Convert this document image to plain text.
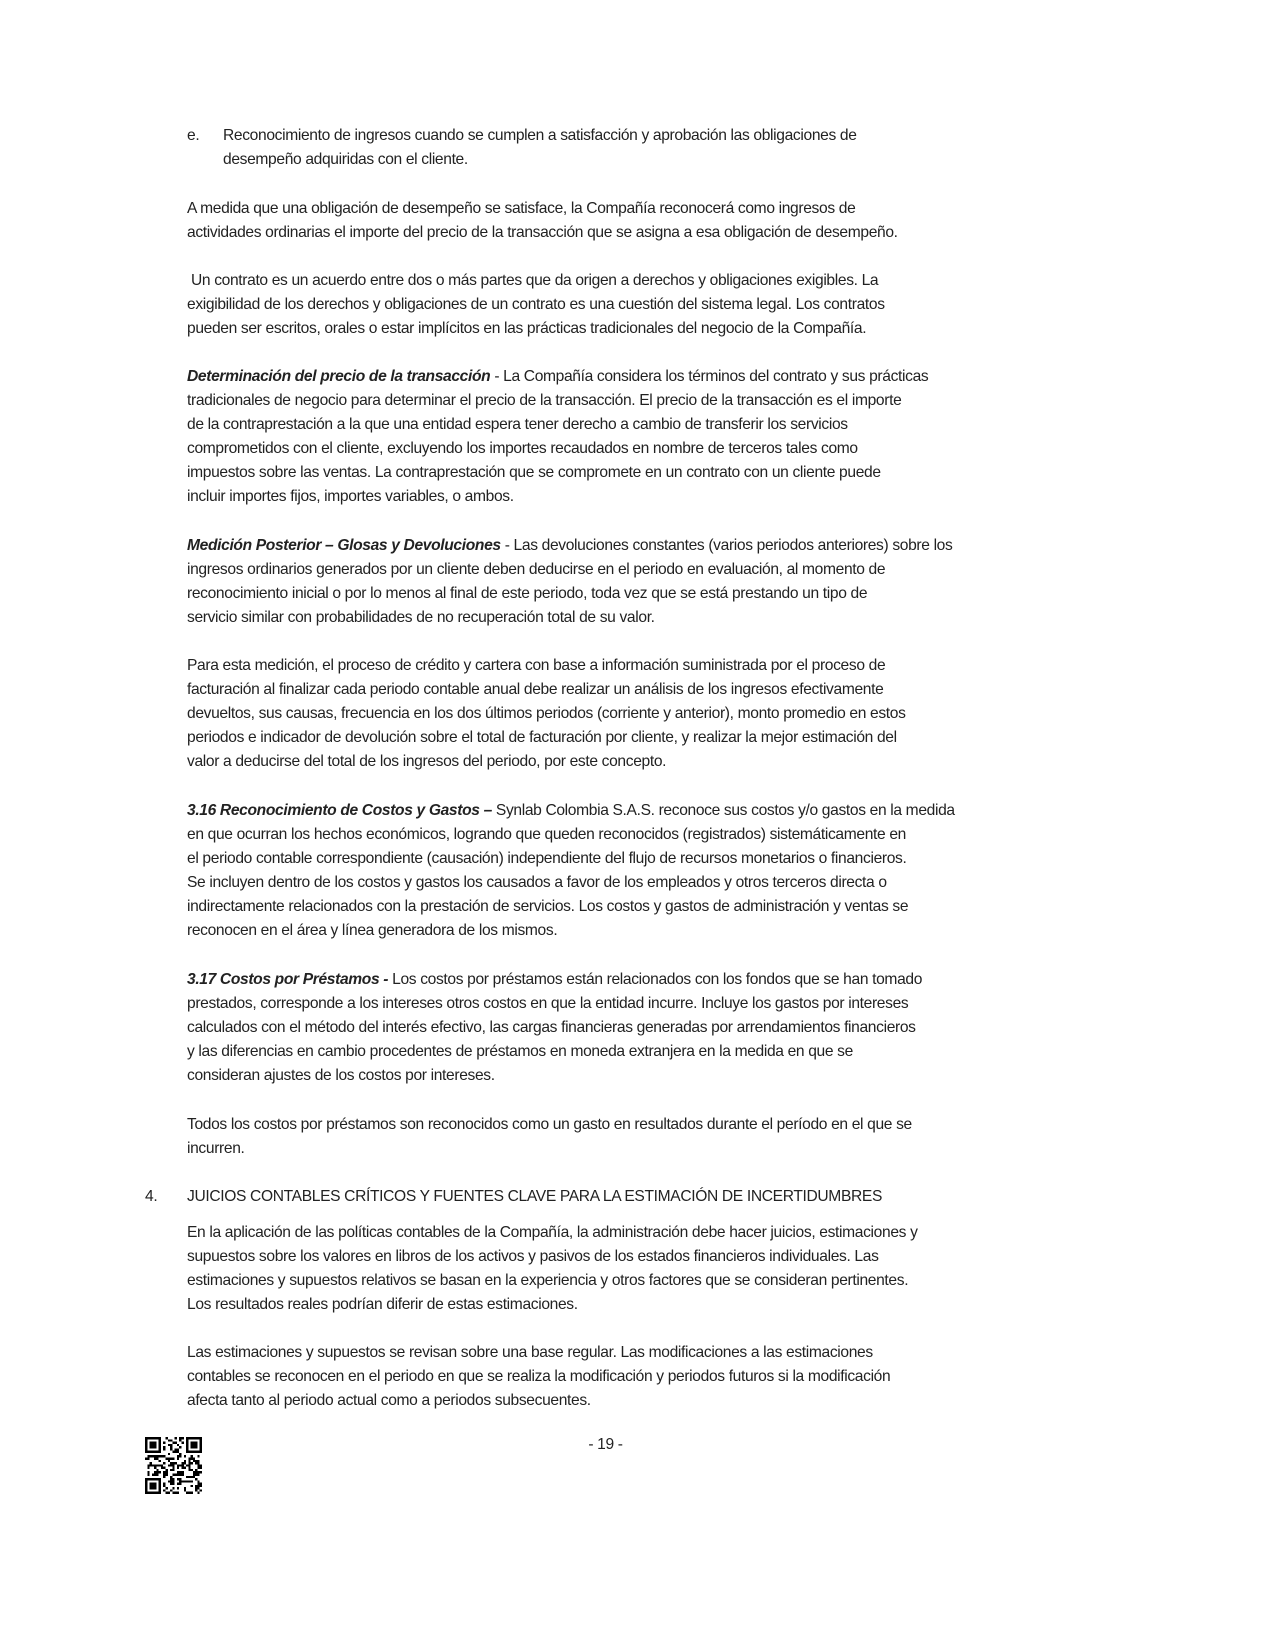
e. Reconocimiento de ingresos cuando se cumplen a satisfacción y aprobación las obligaciones de
desempeño adquiridas con el cliente.
A medida que una obligación de desempeño se satisface, la Compañía reconocerá como ingresos de
actividades ordinarias el importe del precio de la transacción que se asigna a esa obligación de desempeño.
Un contrato es un acuerdo entre dos o más partes que da origen a derechos y obligaciones exigibles. La
exigibilidad de los derechos y obligaciones de un contrato es una cuestión del sistema legal. Los contratos
pueden ser escritos, orales o estar implícitos en las prácticas tradicionales del negocio de la Compañía.
Determinación del precio de la transacción - La Compañía considera los términos del contrato y sus prácticas
tradicionales de negocio para determinar el precio de la transacción. El precio de la transacción es el importe
de la contraprestación a la que una entidad espera tener derecho a cambio de transferir los servicios
comprometidos con el cliente, excluyendo los importes recaudados en nombre de terceros tales como
impuestos sobre las ventas. La contraprestación que se compromete en un contrato con un cliente puede
incluir importes fijos, importes variables, o ambos.
Medición Posterior – Glosas y Devoluciones - Las devoluciones constantes (varios periodos anteriores) sobre los
ingresos ordinarios generados por un cliente deben deducirse en el periodo en evaluación, al momento de
reconocimiento inicial o por lo menos al final de este periodo, toda vez que se está prestando un tipo de
servicio similar con probabilidades de no recuperación total de su valor.
Para esta medición, el proceso de crédito y cartera con base a información suministrada por el proceso de
facturación al finalizar cada periodo contable anual debe realizar un análisis de los ingresos efectivamente
devueltos, sus causas, frecuencia en los dos últimos periodos (corriente y anterior), monto promedio en estos
periodos e indicador de devolución sobre el total de facturación por cliente, y realizar la mejor estimación del
valor a deducirse del total de los ingresos del periodo, por este concepto.
3.16 Reconocimiento de Costos y Gastos – Synlab Colombia S.A.S. reconoce sus costos y/o gastos en la medida
en que ocurran los hechos económicos, logrando que queden reconocidos (registrados) sistemáticamente en
el periodo contable correspondiente (causación) independiente del flujo de recursos monetarios o financieros.
Se incluyen dentro de los costos y gastos los causados a favor de los empleados y otros terceros directa o
indirectamente relacionados con la prestación de servicios. Los costos y gastos de administración y ventas se
reconocen en el área y línea generadora de los mismos.
3.17 Costos por Préstamos - Los costos por préstamos están relacionados con los fondos que se han tomado
prestados, corresponde a los intereses otros costos en que la entidad incurre. Incluye los gastos por intereses
calculados con el método del interés efectivo, las cargas financieras generadas por arrendamientos financieros
y las diferencias en cambio procedentes de préstamos en moneda extranjera en la medida en que se
consideran ajustes de los costos por intereses.
Todos los costos por préstamos son reconocidos como un gasto en resultados durante el período en el que se
incurren.
En la aplicación de las políticas contables de la Compañía, la administración debe hacer juicios, estimaciones y
supuestos sobre los valores en libros de los activos y pasivos de los estados financieros individuales. Las
estimaciones y supuestos relativos se basan en la experiencia y otros factores que se consideran pertinentes.
Los resultados reales podrían diferir de estas estimaciones.
Las estimaciones y supuestos se revisan sobre una base regular. Las modificaciones a las estimaciones
contables se reconocen en el periodo en que se realiza la modificación y periodos futuros si la modificación
afecta tanto al periodo actual como a periodos subsecuentes.
4. JUICIOS CONTABLES CRÍTICOS Y FUENTES CLAVE PARA LA ESTIMACIÓN DE INCERTIDUMBRES
- 19 -
